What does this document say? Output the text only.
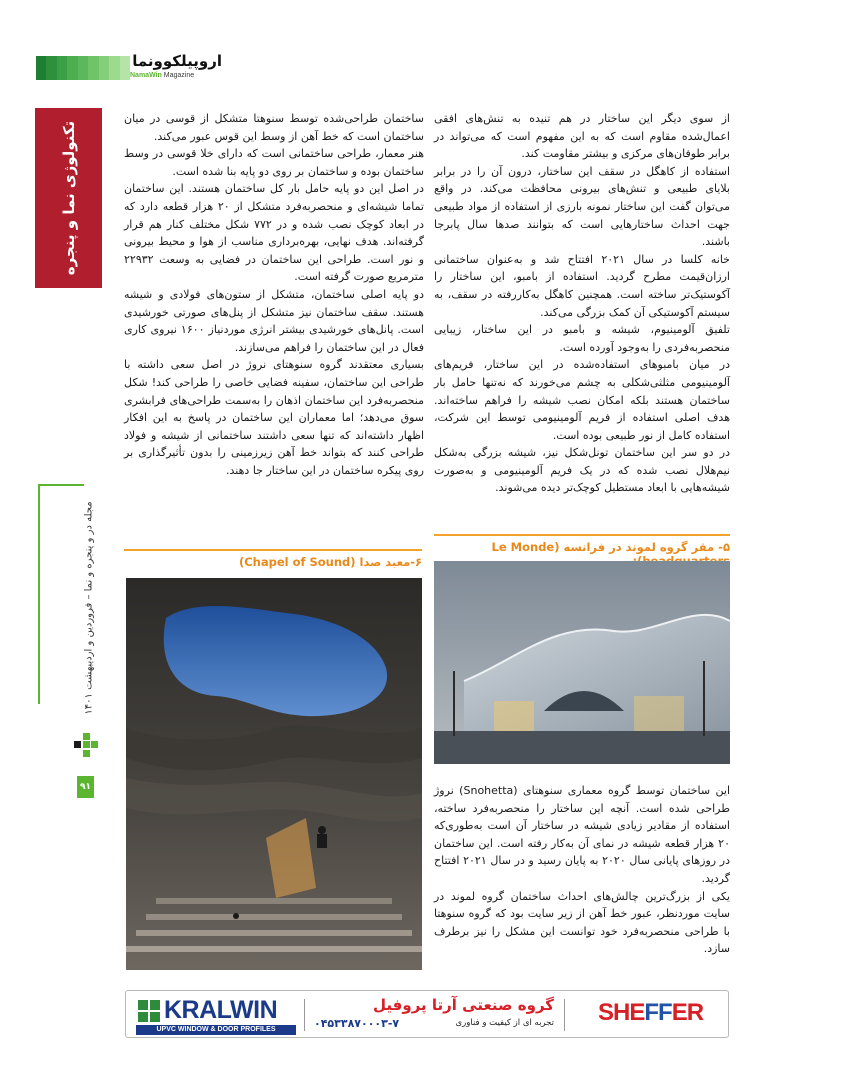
اروپیلکوونما
NamaWin Magazine
تکنولوژی نما و پنجره
مجله در و پنجره و نما – فروردین و اردیبهشت ۱۴۰۱
۹۱

ساختمان طراحی‌شده توسط سنوهتا متشکل از قوسی در میان ساختمان است که خط آهن از وسط این قوس عبور می‌کند.

هنر معمار، طراحی ساختمانی است که دارای خلا قوسی در وسط ساختمان بوده و ساختمان بر روی دو پایه بنا شده است.

در اصل این دو پایه حامل بار کل ساختمان هستند. این ساختمان تماما شیشه‌ای و منحصربه‌فرد متشکل از ۲۰ هزار قطعه دارد که در ابعاد کوچک نصب شده و در ۷۷۲ شکل مختلف کنار هم قرار گرفته‌اند. هدف نهایی، بهره‌برداری مناسب از هوا و محیط بیرونی و نور است. طراحی این ساختمان در فضایی به وسعت ۲۲۹۳۲ مترمربع صورت گرفته است.

دو پایه اصلی ساختمان، متشکل از ستون‌های فولادی و شیشه هستند. سقف ساختمان نیز متشکل از پنل‌های صورتی خورشیدی است. پانل‌های خورشیدی بیشتر انرژی موردنیاز ۱۶۰۰ نیروی کاری فعال در این ساختمان را فراهم می‌سازند.

بسیاری معتقدند گروه سنوهتای نروژ در اصل سعی داشته با طراحی این ساختمان، سفینه فضایی خاصی را طراحی کند! شکل منحصربه‌فرد این ساختمان اذهان را به‌سمت طراحی‌های فرابشری سوق می‌دهد؛ اما معماران این ساختمان در پاسخ به این افکار اظهار داشته‌اند که تنها سعی داشتند ساختمانی از شیشه و فولاد طراحی کنند که بتواند خط آهن زیرزمینی را بدون تأثیرگذاری بر روی پیکره ساختمان در این ساختار جا دهند.

از سوی دیگر این ساختار در هم تنیده به تنش‌های افقی اعمال‌شده مقاوم است که به این مفهوم است که می‌تواند در برابر طوفان‌های مرکزی و بیشتر مقاومت کند.

استفاده از کاهگل در سقف این ساختار، درون آن را در برابر بلایای طبیعی و تنش‌های بیرونی محافظت می‌کند. در واقع می‌توان گفت این ساختار نمونه بارزی از استفاده از مواد طبیعی جهت احداث ساختارهایی است که بتوانند صدها سال پابرجا باشند.

خانه کلسا در سال ۲۰۲۱ افتتاح شد و به‌عنوان ساختمانی ارزان‌قیمت مطرح گردید. استفاده از بامبو، این ساختار را آکوستیک‌تر ساخته است. همچنین کاهگل به‌کاررفته در سقف، به سیستم آکوستیکی آن کمک بزرگی می‌کند.

تلفیق آلومینیوم، شیشه و بامبو در این ساختار، زیبایی منحصربه‌فردی را به‌وجود آورده است.

در میان بامبوهای استفاده‌شده در این ساختار، فریم‌های آلومینیومی مثلثی‌شکلی به چشم می‌خورند که نه‌تنها حامل بار ساختمان هستند بلکه امکان نصب شیشه را فراهم ساخته‌اند. هدف اصلی استفاده از فریم آلومینیومی توسط این شرکت، استفاده کامل از نور طبیعی بوده است.

در دو سر این ساختمان تونل‌شکل نیز، شیشه بزرگی به‌شکل نیم‌هلال نصب شده که در یک فریم آلومینیومی و به‌صورت شیشه‌هایی با ابعاد مستطیل کوچک‌تر دیده می‌شوند.

۶-معبد صدا (Chapel of Sound)
۵- مقر گروه لموند در فرانسه (Le Monde

این ساختمان توسط گروه معماری سنوهتای (Snohetta) نروژ طراحی شده است. آنچه این ساختار را منحصربه‌فرد ساخته، استفاده از مقادیر زیادی شیشه در ساختار آن است به‌طوری‌که ۲۰ هزار قطعه شیشه در نمای آن به‌کار رفته است. این ساختمان در روزهای پایانی سال ۲۰۲۰ به پایان رسید و در سال ۲۰۲۱ افتتاح گردید.

یکی از بزرگ‌ترین چالش‌های احداث ساختمان گروه لموند در سایت موردنظر، عبور خط آهن از زیر سایت بود که گروه سنوهتا با طراحی منحصربه‌فرد خود توانست این مشکل را نیز برطرف سازد.

KRALWIN
UPVC WINDOW & DOOR PROFILES
گروه صنعتی آرتا پروفیل
تجربه ای از کیفیت و فناوری
۰۴۵۳۳۸۷۰۰۰۳-۷	SHEFFER
